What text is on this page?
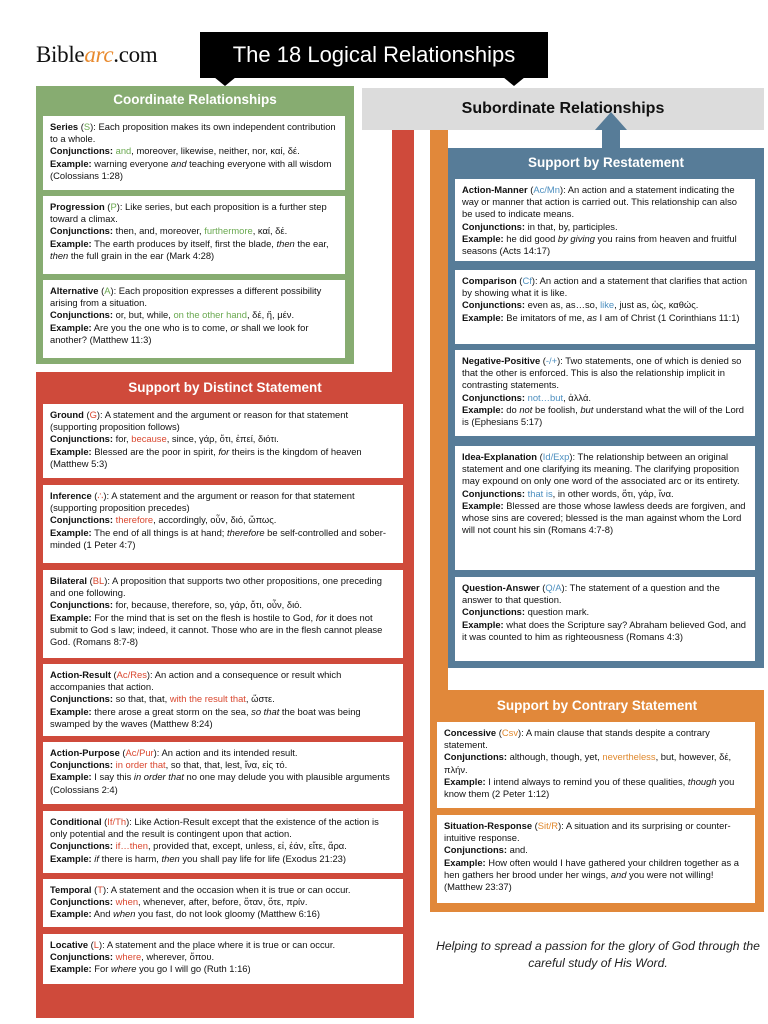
Biblearc.com	The 18 Logical Relationships
Subordinate Relationships
Coordinate Relationships
Support by Distinct Statement
Support by Restatement
Support by Contrary Statement
Series (S): Each proposition makes its own independent contribution to a whole.
Conjunctions: and, moreover, likewise, neither, nor, καί, δέ.
Example: warning everyone and teaching everyone with all wisdom (Colossians 1:28)
Progression (P): Like series, but each proposition is a further step toward a climax.
Conjunctions: then, and, moreover, furthermore, καί, δέ.
Example: The earth produces by itself, first the blade, then the ear, then the full grain in the ear (Mark 4:28)
Alternative (A): Each proposition expresses a different possibility arising from a situation.
Conjunctions: or, but, while, on the other hand, δέ, ἤ, μέν.
Example: Are you the one who is to come, or shall we look for another? (Matthew 11:3)
Ground (G): A statement and the argument or reason for that statement (supporting proposition follows)
Conjunctions: for, because, since, γάρ, ὅτι, ἐπεί, διότι.
Example: Blessed are the poor in spirit, for theirs is the kingdom of heaven (Matthew 5:3)
Inference (∴): A statement and the argument or reason for that statement (supporting proposition precedes)
Conjunctions: therefore, accordingly, οὖν, διό, ὥπως.
Example: The end of all things is at hand; therefore be self-controlled and sober-minded (1 Peter 4:7)
Bilateral (BL): A proposition that supports two other propositions, one preceding and one following.
Conjunctions: for, because, therefore, so, γάρ, ὅτι, οὖν, διό.
Example: For the mind that is set on the flesh is hostile to God, for it does not submit to God s law; indeed, it cannot. Those who are in the flesh cannot please God. (Romans 8:7-8)
Action-Result (Ac/Res): An action and a consequence or result which accompanies that action.
Conjunctions: so that, that, with the result that, ὥστε.
Example: there arose a great storm on the sea, so that the boat was being swamped by the waves (Matthew 8:24)
Action-Purpose (Ac/Pur): An action and its intended result.
Conjunctions: in order that, so that, that, lest, ἵνα, εἰς τό.
Example: I say this in order that no one may delude you with plausible arguments (Colossians 2:4)
Conditional (If/Th): Like Action-Result except that the existence of the action is only potential and the result is contingent upon that action.
Conjunctions: if…then, provided that, except, unless, εἰ, ἐάν, εἴτε, ἄρα.
Example: if there is harm, then you shall pay life for life (Exodus 21:23)
Temporal (T): A statement and the occasion when it is true or can occur.
Conjunctions: when, whenever, after, before, ὅταν, ὅτε, πρίν.
Example: And when you fast, do not look gloomy (Matthew 6:16)
Locative (L): A statement and the place where it is true or can occur.
Conjunctions: where, wherever, ὅπου.
Example: For where you go I will go (Ruth 1:16)
Action-Manner (Ac/Mn): An action and a statement indicating the way or manner that action is carried out. This relationship can also be used to indicate means.
Conjunctions: in that, by, participles.
Example: he did good by giving you rains from heaven and fruitful seasons (Acts 14:17)
Comparison (Cf): An action and a statement that clarifies that action by showing what it is like.
Conjunctions: even as, as…so, like, just as, ὡς, καθώς.
Example: Be imitators of me, as I am of Christ (1 Corinthians 11:1)
Negative-Positive (-/+): Two statements, one of which is denied so that the other is enforced. This is also the relationship implicit in contrasting statements.
Conjunctions: not…but, ἀλλά.
Example: do not be foolish, but understand what the will of the Lord is (Ephesians 5:17)
Idea-Explanation (Id/Exp): The relationship between an original statement and one clarifying its meaning. The clarifying proposition may expound on only one word of the associated arc or its entirety.
Conjunctions: that is, in other words, ὅτι, γάρ, ἵνα.
Example: Blessed are those whose lawless deeds are forgiven, and whose sins are covered; blessed is the man against whom the Lord will not count his sin (Romans 4:7-8)
Question-Answer (Q/A): The statement of a question and the answer to that question.
Conjunctions: question mark.
Example: what does the Scripture say? Abraham believed God, and it was counted to him as righteousness (Romans 4:3)
Concessive (Csv): A main clause that stands despite a contrary statement.
Conjunctions: although, though, yet, nevertheless, but, however, δέ, πλήν.
Example: I intend always to remind you of these qualities, though you know them (2 Peter 1:12)
Situation-Response (Sit/R): A situation and its surprising or counter-intuitive response.
Conjunctions: and.
Example: How often would I have gathered your children together as a hen gathers her brood under her wings, and you were not willing! (Matthew 23:37)
Helping to spread a passion for the glory of God through the careful study of His Word.
